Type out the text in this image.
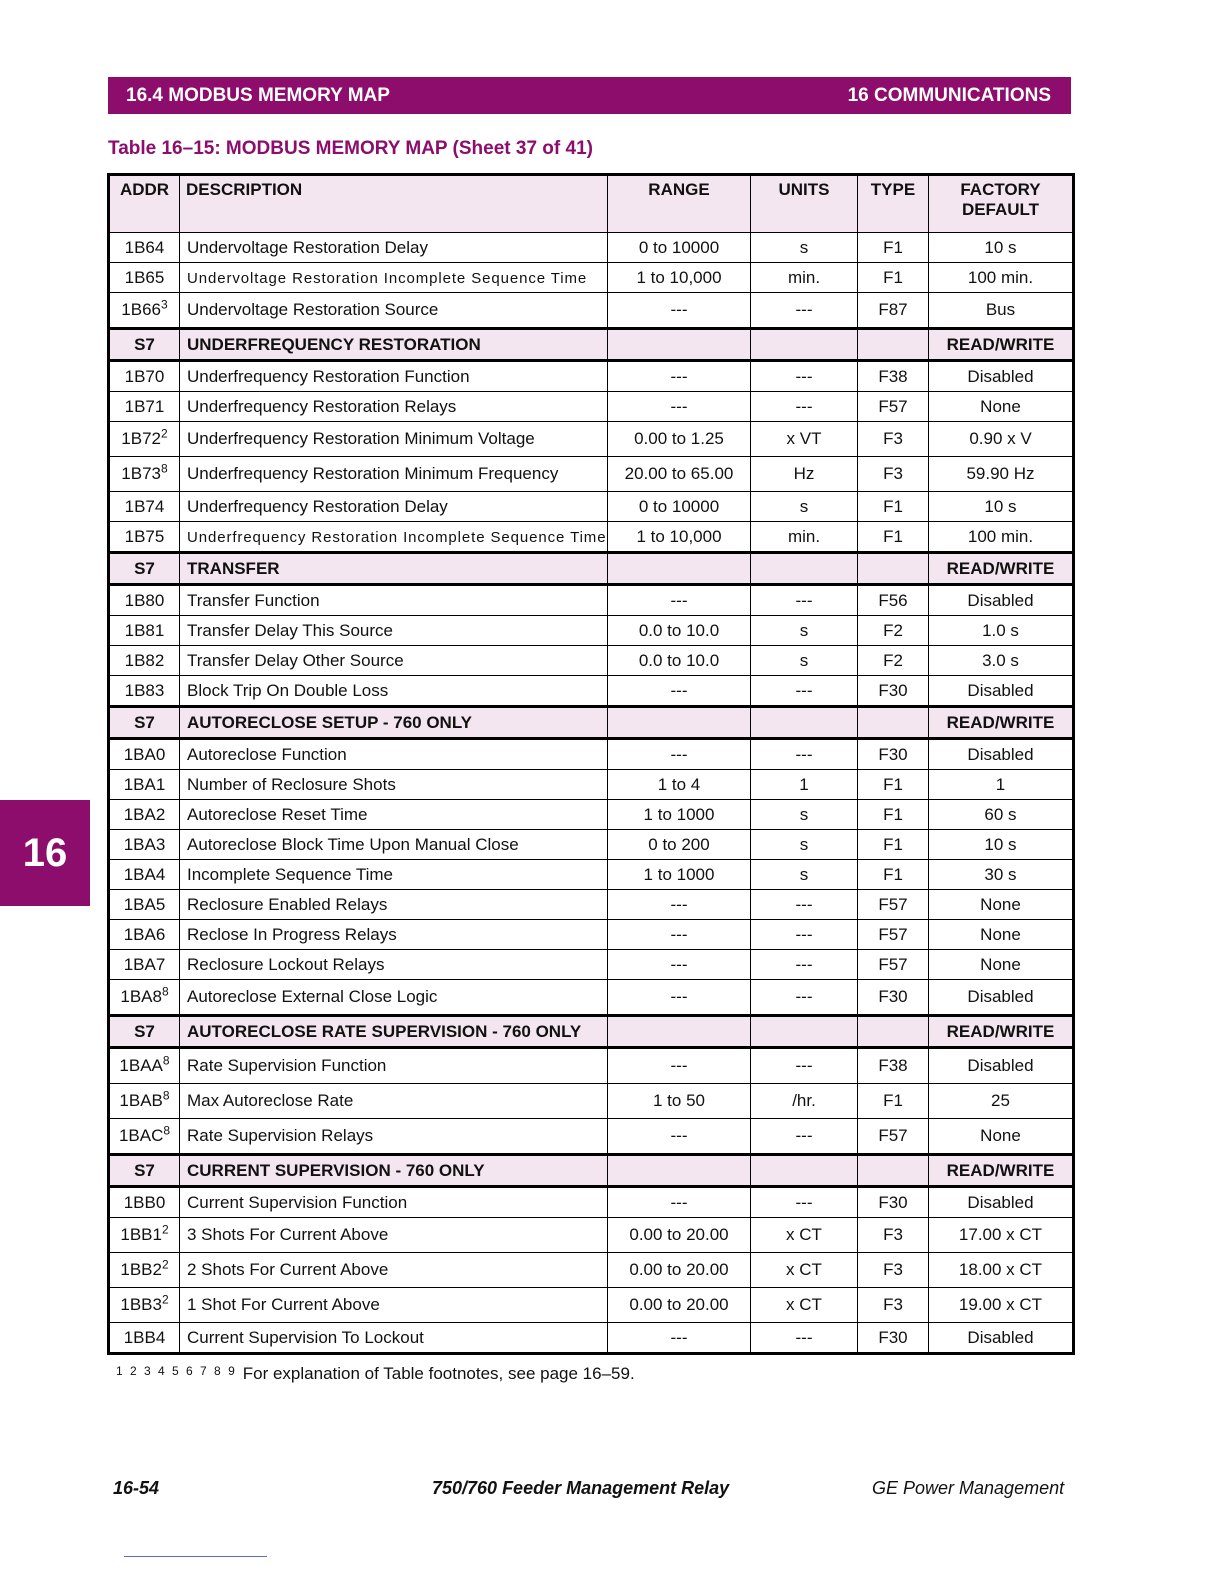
16.4 MODBUS MEMORY MAP	16 COMMUNICATIONS
Table 16–15: MODBUS MEMORY MAP (Sheet 37 of 41)
16
ADDR	DESCRIPTION	RANGE	UNITS	TYPE	FACTORY
DEFAULT
1B64	Undervoltage Restoration Delay	0 to 10000	s	F1	10 s
1B65	Undervoltage Restoration Incomplete Sequence Time	1 to 10,000	min.	F1	100 min.
$1B66^3$	Undervoltage Restoration Source	---	---	F87	Bus
S7	UNDERFREQUENCY RESTORATION				READ/WRITE
1B70	Underfrequency Restoration Function	---	---	F38	Disabled
1B71	Underfrequency Restoration Relays	---	---	F57	None
$1B72^2$	Underfrequency Restoration Minimum Voltage	0.00 to 1.25	x VT	F3	0.90 x V
$1B73^8$	Underfrequency Restoration Minimum Frequency	20.00 to 65.00	Hz	F3	59.90 Hz
1B74	Underfrequency Restoration Delay	0 to 10000	s	F1	10 s
1B75	Underfrequency Restoration Incomplete Sequence Time	1 to 10,000	min.	F1	100 min.
S7	TRANSFER				READ/WRITE
1B80	Transfer Function	---	---	F56	Disabled
1B81	Transfer Delay This Source	0.0 to 10.0	s	F2	1.0 s
1B82	Transfer Delay Other Source	0.0 to 10.0	s	F2	3.0 s
1B83	Block Trip On Double Loss	---	---	F30	Disabled
S7	AUTORECLOSE SETUP - 760 ONLY				READ/WRITE
1BA0	Autoreclose Function	---	---	F30	Disabled
1BA1	Number of Reclosure Shots	1 to 4	1	F1	1
1BA2	Autoreclose Reset Time	1 to 1000	s	F1	60 s
1BA3	Autoreclose Block Time Upon Manual Close	0 to 200	s	F1	10 s
1BA4	Incomplete Sequence Time	1 to 1000	s	F1	30 s
1BA5	Reclosure Enabled Relays	---	---	F57	None
1BA6	Reclose In Progress Relays	---	---	F57	None
1BA7	Reclosure Lockout Relays	---	---	F57	None
$1BA8^8$	Autoreclose External Close Logic	---	---	F30	Disabled
S7	AUTORECLOSE RATE SUPERVISION - 760 ONLY				READ/WRITE
1BAA$^8$	Rate Supervision Function	---	---	F38	Disabled
1BAB$^8$	Max Autoreclose Rate	1 to 50	/hr.	F1	25
1BAC$^8$	Rate Supervision Relays	---	---	F57	None
S7	CURRENT SUPERVISION - 760 ONLY				READ/WRITE
1BB0	Current Supervision Function	---	---	F30	Disabled
$1BB1^2$	3 Shots For Current Above	0.00 to 20.00	x CT	F3	17.00 x CT
$1BB2^2$	2 Shots For Current Above	0.00 to 20.00	x CT	F3	18.00 x CT
$1BB3^2$	1 Shot For Current Above	0.00 to 20.00	x CT	F3	19.00 x CT
1BB4	Current Supervision To Lockout	---	---	F30	Disabled
$^{1 2 3 4 5 6 7 8 9}$ For explanation of Table footnotes, see page 16–59.
16-54	750/760 Feeder Management Relay	GE Power Management
